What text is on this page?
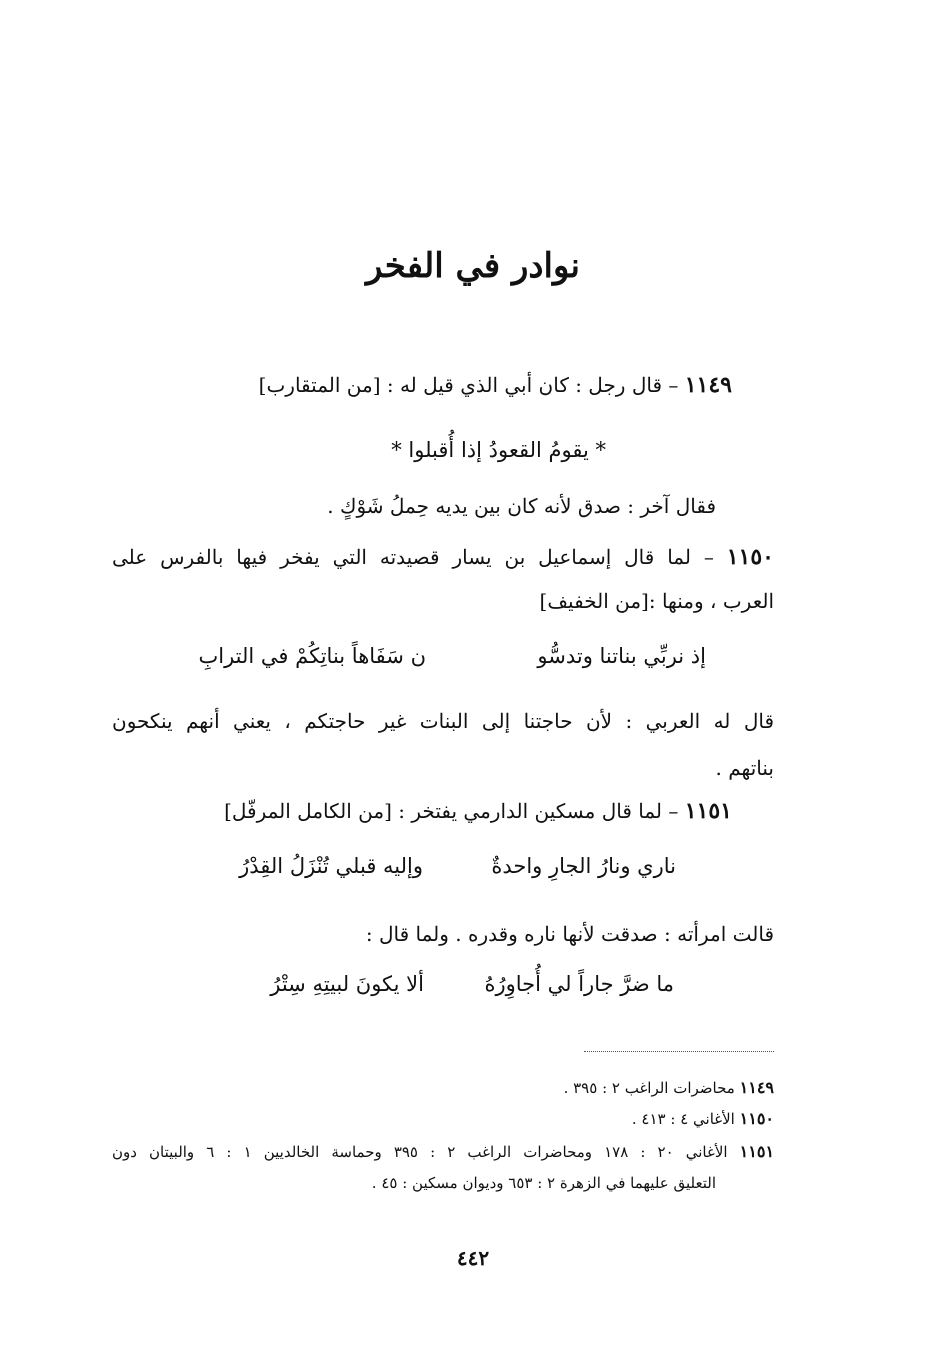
نوادر في الفخر
١١٤٩ – قال رجل : كان أبي الذي قيل له : [من المتقارب]
* يقومُ القعودُ إذا أُقبلوا *
فقال آخر : صدق لأنه كان بين يديه حِملُ شَوْكٍ .
١١٥٠ – لما قال إسماعيل بن يسار قصيدته التي يفخر فيها بالفرس على
العرب ، ومنها :[من الخفيف]
إذ نربِّي بناتنا وتدسُّو
ن سَفَاهاً بناتِكُمْ في الترابِ
قال له العربي : لأن حاجتنا إلى البنات غير حاجتكم ، يعني أنهم ينكحون
بناتهم .
١١٥١ – لما قال مسكين الدارمي يفتخر : [من الكامل المرفّل]
ناري ونارُ الجارِ واحدةٌ
وإليه قبلي تُنْزَلُ القِدْرُ
قالت امرأته : صدقت لأنها ناره وقدره . ولما قال :
ما ضرَّ جاراً لي أُجاوِرُهُ
ألا يكونَ لبيتِهِ سِتْرُ
١١٤٩ محاضرات الراغب ٢ : ٣٩٥ .
١١٥٠ الأغاني ٤ : ٤١٣ .
١١٥١ الأغاني ٢٠ : ١٧٨ ومحاضرات الراغب ٢ : ٣٩٥ وحماسة الخالديين ١ : ٦ والبيتان دون
التعليق عليهما في الزهرة ٢ : ٦٥٣ وديوان مسكين : ٤٥ .
٤٤٢
